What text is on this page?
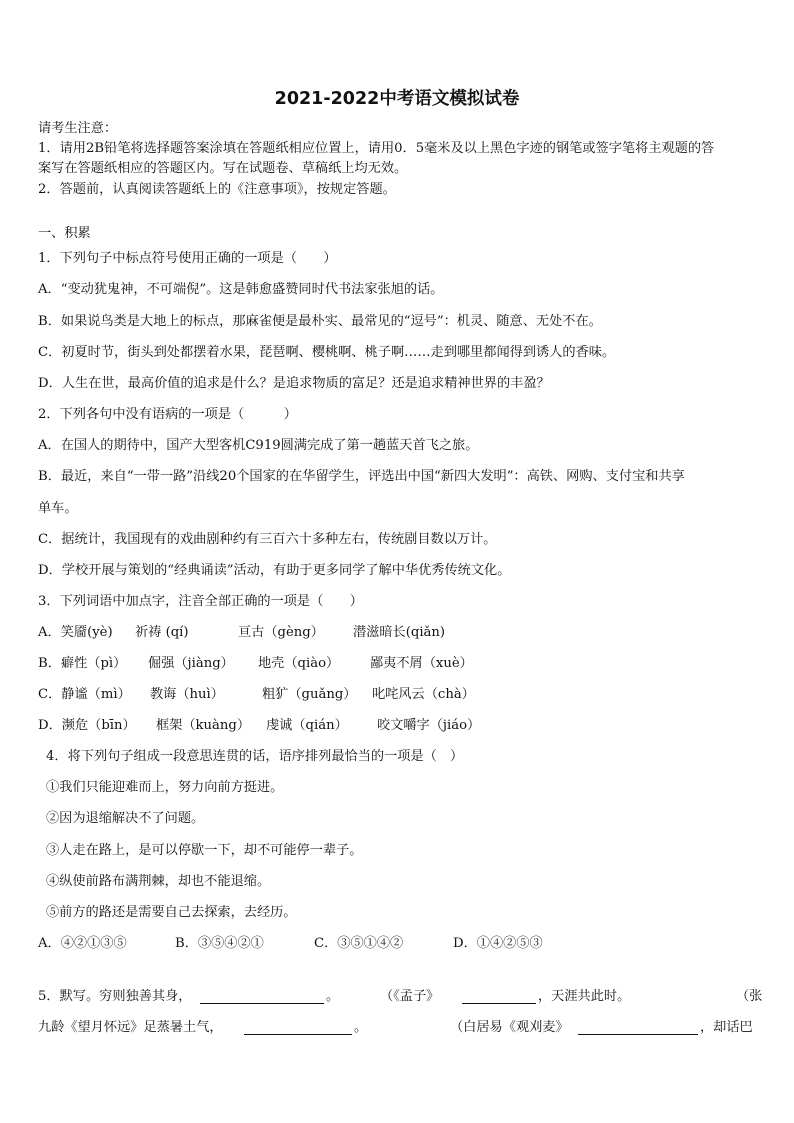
2021-2022中考语文模拟试卷
请考生注意：
1．请用2B铅笔将选择题答案涂填在答题纸相应位置上，请用0．5毫米及以上黑色字迹的钢笔或签字笔将主观题的答
案写在答题纸相应的答题区内。写在试题卷、草稿纸上均无效。
2．答题前，认真阅读答题纸上的《注意事项》，按规定答题。
一、积累
1．下列句子中标点符号使用正确的一项是（　　）
A．“变动犹鬼神，不可端倪”。这是韩愈盛赞同时代书法家张旭的话。
B．如果说鸟类是大地上的标点，那麻雀便是最朴实、最常见的“逗号”：机灵、随意、无处不在。
C．初夏时节，街头到处都摆着水果，琵琶啊、樱桃啊、桃子啊……走到哪里都闻得到诱人的香味。
D．人生在世，最高价值的追求是什么？是追求物质的富足？还是追求精神世界的丰盈？
2．下列各句中没有语病的一项是（　　　）
A．在国人的期待中，国产大型客机C919圆满完成了第一趟蓝天首飞之旅。
B．最近，来自“一带一路”沿线20个国家的在华留学生，评选出中国“新四大发明”：高铁、网购、支付宝和共享
单车。
C．据统计，我国现有的戏曲剧种约有三百六十多种左右，传统剧目数以万计。
D．学校开展与策划的“经典诵读”活动，有助于更多同学了解中华优秀传统文化。
3．下列词语中加点字，注音全部正确的一项是（　　）
A．笑靥(yè) 祈祷 (qí)	亘古（gèng） 潜滋暗长(qiǎn)
B．癖性（pì） 倔强（jiàng） 地壳（qiào） 鄙夷不屑（xuè）
C．静谧（mì） 教诲（huì）	粗犷（guǎng） 叱咤风云（chà）
D．濒危（bīn） 框架（kuàng） 虔诚（qián） 咬文嚼字（jiáo）
4．将下列句子组成一段意思连贯的话，语序排列最恰当的一项是（　）
①我们只能迎难而上，努力向前方挺进。
②因为退缩解决不了问题。
③人走在路上，是可以停歇一下，却不可能停一辈子。
④纵使前路布满荆棘，却也不能退缩。
⑤前方的路还是需要自己去探索，去经历。
A．④②①③⑤	B．③⑤④②①	C．③⑤①④②	D．①④②⑤③
5．默写。穷则独善其身，	。	（《孟子》	，天涯共此时。	（张
九龄《望月怀远》足蒸暑土气，	。	（白居易《观刈麦》	，却话巴
